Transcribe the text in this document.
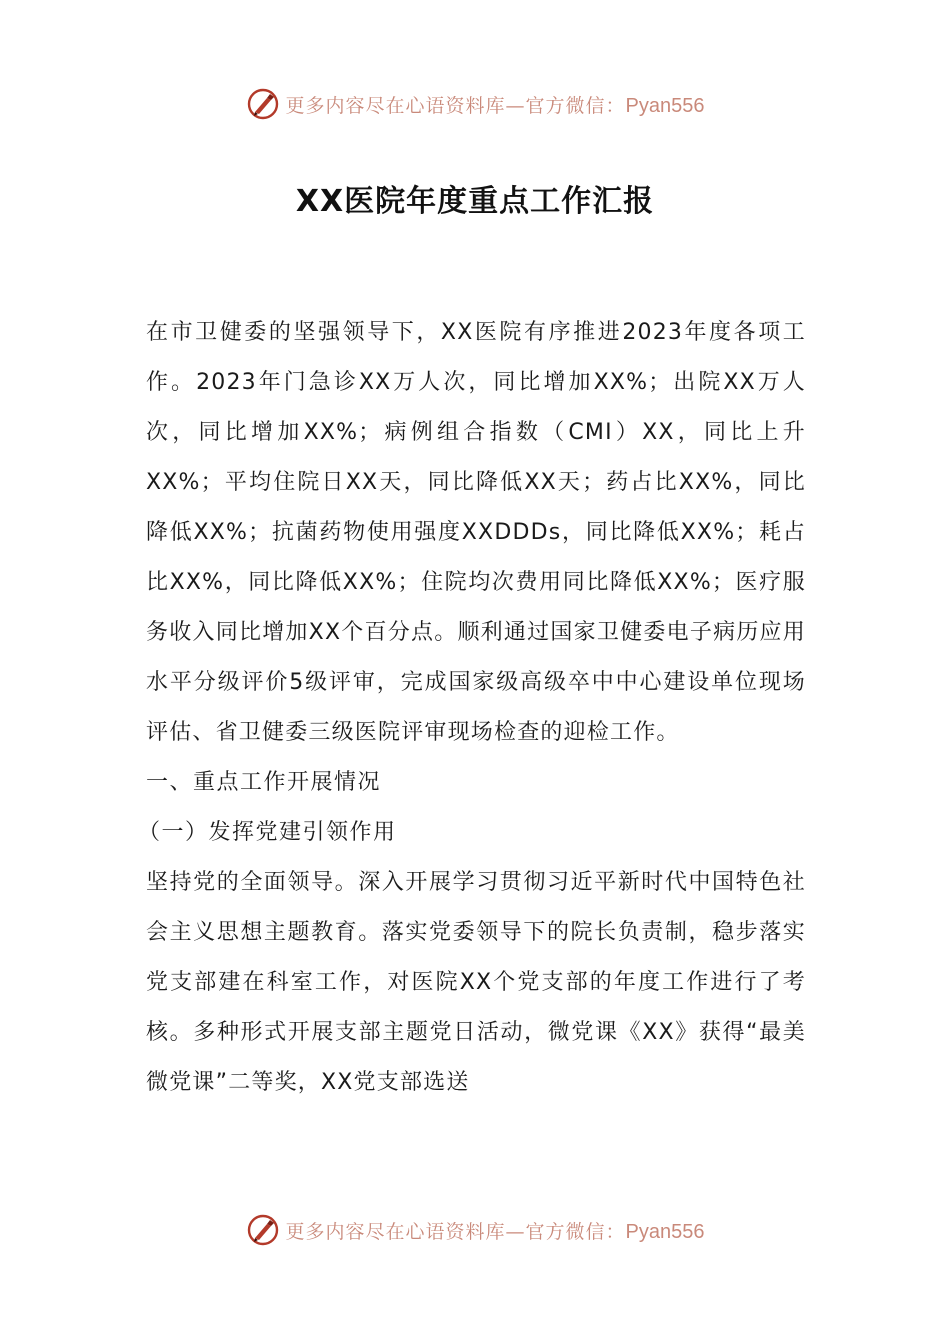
更多内容尽在心语资料库—官方微信：Pyan556
XX医院年度重点工作汇报

在市卫健委的坚强领导下，XX医院有序推进2023年度各项工作。2023年门急诊XX万人次，同比增加XX%；出院XX万人次，同比增加XX%；病例组合指数（CMI）XX，同比上升XX%；平均住院日XX天，同比降低XX天；药占比XX%，同比降低XX%；抗菌药物使用强度XXDDDs，同比降低XX%；耗占比XX%，同比降低XX%；住院均次费用同比降低XX%；医疗服务收入同比增加XX个百分点。顺利通过国家卫健委电子病历应用水平分级评价5级评审，完成国家级高级卒中中心建设单位现场评估、省卫健委三级医院评审现场检查的迎检工作。

一、重点工作开展情况

（一）发挥党建引领作用

坚持党的全面领导。深入开展学习贯彻习近平新时代中国特色社会主义思想主题教育。落实党委领导下的院长负责制，稳步落实党支部建在科室工作，对医院XX个党支部的年度工作进行了考核。多种形式开展支部主题党日活动，微党课《XX》获得“最美微党课”二等奖，XX党支部选送

更多内容尽在心语资料库—官方微信：Pyan556
